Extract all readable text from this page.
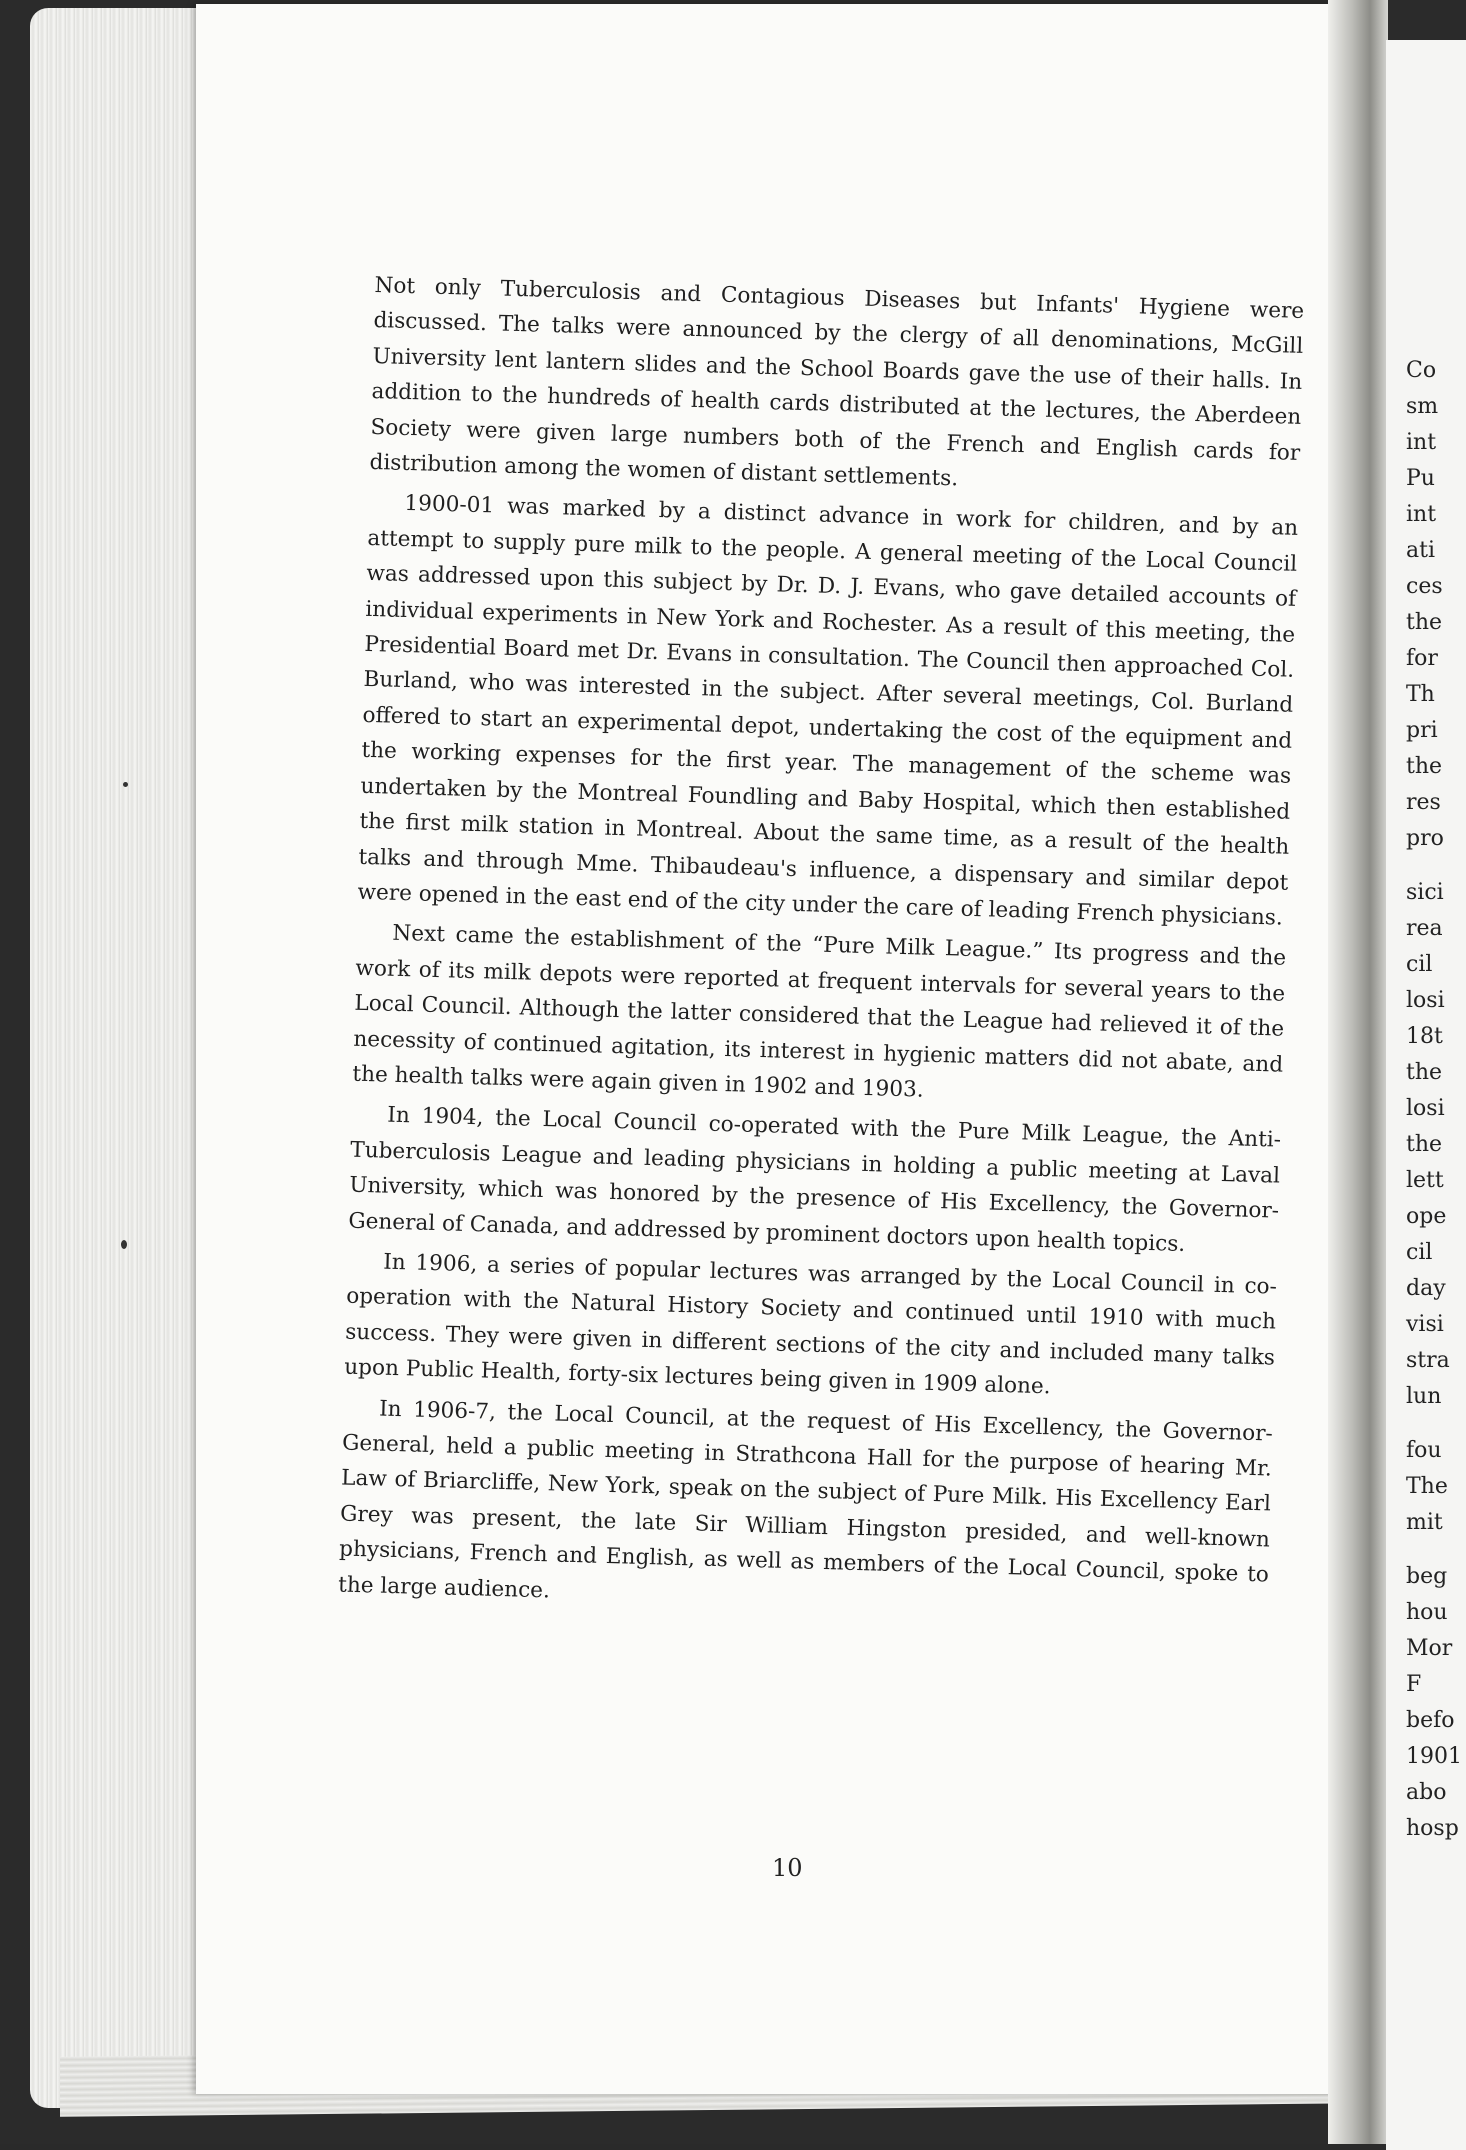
Not only Tuberculosis and Contagious Diseases but Infants' Hygiene were discussed. The talks were announced by the clergy of all denominations, McGill University lent lantern slides and the School Boards gave the use of their halls. In addition to the hundreds of health cards distributed at the lectures, the Aberdeen Society were given large numbers both of the French and English cards for distribution among the women of distant settlements.

1900-01 was marked by a distinct advance in work for children, and by an attempt to supply pure milk to the people. A general meeting of the Local Council was addressed upon this subject by Dr. D. J. Evans, who gave detailed accounts of individual experiments in New York and Rochester. As a result of this meeting, the Presidential Board met Dr. Evans in consultation. The Council then approached Col. Burland, who was interested in the subject. After several meetings, Col. Burland offered to start an experimental depot, undertaking the cost of the equipment and the working expenses for the first year. The management of the scheme was undertaken by the Montreal Foundling and Baby Hospital, which then established the first milk station in Montreal. About the same time, as a result of the health talks and through Mme. Thibaudeau's influence, a dispensary and similar depot were opened in the east end of the city under the care of leading French physicians.

Next came the establishment of the “Pure Milk League.” Its progress and the work of its milk depots were reported at frequent intervals for several years to the Local Council. Although the latter considered that the League had relieved it of the necessity of continued agitation, its interest in hygienic matters did not abate, and the health talks were again given in 1902 and 1903.

In 1904, the Local Council co-operated with the Pure Milk League, the Anti-Tuberculosis League and leading physicians in holding a public meeting at Laval University, which was honored by the presence of His Excellency, the Governor-General of Canada, and addressed by prominent doctors upon health topics.

In 1906, a series of popular lectures was arranged by the Local Council in co-operation with the Natural History Society and continued until 1910 with much success. They were given in different sections of the city and included many talks upon Public Health, forty-six lectures being given in 1909 alone.

In 1906-7, the Local Council, at the request of His Excellency, the Governor-General, held a public meeting in Strathcona Hall for the purpose of hearing Mr. Law of Briarcliffe, New York, speak on the subject of Pure Milk. His Excellency Earl Grey was present, the late Sir William Hingston presided, and well-known physicians, French and English, as well as members of the Local Council, spoke to the large audience.

10
Co
sm
int
Pu
int
ati
ces
the
for
Th
pri
the
res
pro
sici
rea
cil
losi
18t
the
losi
the
lett
ope
cil
day
visi
stra
lun
fou
The
mit
beg
hou
Mor
F
befo
1901
abo
hosp
